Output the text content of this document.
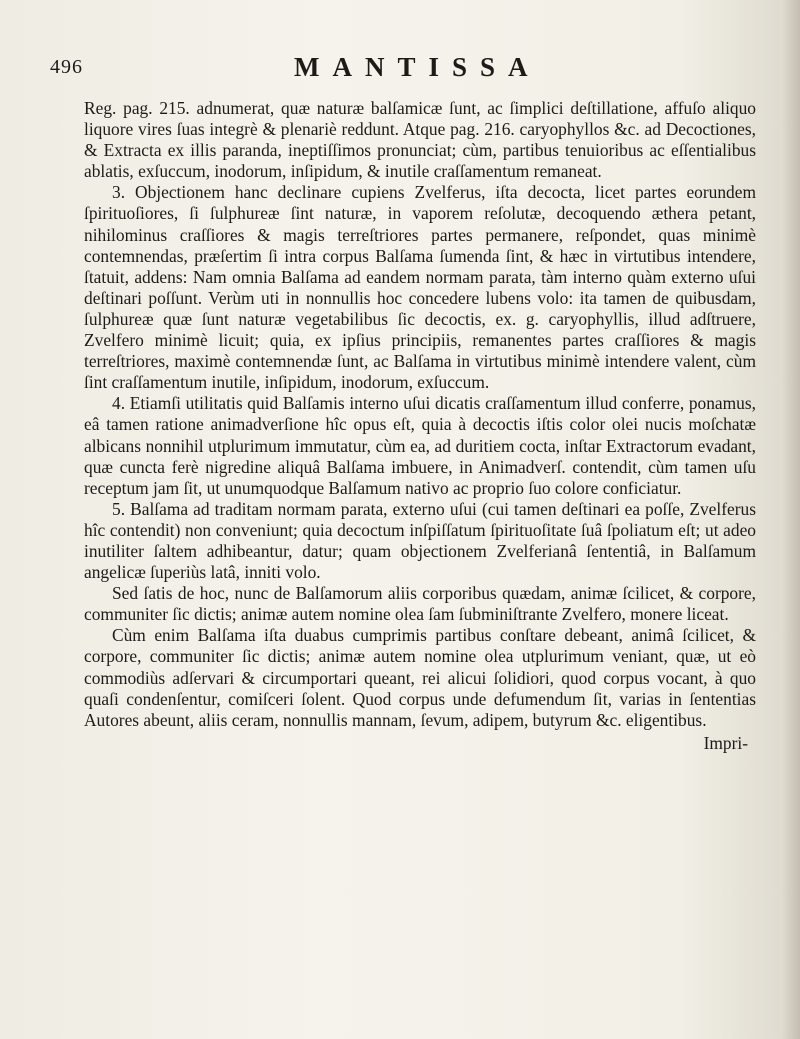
496	MANTISSA

Reg. pag. 215. adnumerat, quæ naturæ balſamicæ ſunt, ac ſimplici deſtillatione, affuſo aliquo liquore vires ſuas integrè & plenariè reddunt. Atque pag. 216. caryophyllos &c. ad Decoctiones, & Extracta ex illis paranda, ineptiſſimos pronunciat; cùm, partibus tenuioribus ac eſſentialibus ablatis, exſuccum, inodorum, inſipidum, & inutile craſſamentum remaneat.

3. Objectionem hanc declinare cupiens Zvelferus, iſta decocta, licet partes eorundem ſpirituoſiores, ſi ſulphureæ ſint naturæ, in vaporem reſolutæ, decoquendo æthera petant, nihilominus craſſiores & magis terreſtriores partes permanere, reſpondet, quas minimè contemnendas, præſertim ſi intra corpus Balſama ſumenda ſint, & hæc in virtutibus intendere, ſtatuit, addens: Nam omnia Balſama ad eandem normam parata, tàm interno quàm externo uſui deſtinari poſſunt. Verùm uti in nonnullis hoc concedere lubens volo: ita tamen de quibusdam, ſulphureæ quæ ſunt naturæ vegetabilibus ſic decoctis, ex. g. caryophyllis, illud adſtruere, Zvelfero minimè licuit; quia, ex ipſius principiis, remanentes partes craſſiores & magis terreſtriores, maximè contemnendæ ſunt, ac Balſama in virtutibus minimè intendere valent, cùm ſint craſſamentum inutile, inſipidum, inodorum, exſuccum.

4. Etiamſi utilitatis quid Balſamis interno uſui dicatis craſſamentum illud conferre, ponamus, eâ tamen ratione animadverſione hîc opus eſt, quia à decoctis iſtis color olei nucis moſchatæ albicans nonnihil utplurimum immutatur, cùm ea, ad duritiem cocta, inſtar Extractorum evadant, quæ cuncta ferè nigredine aliquâ Balſama imbuere, in Animadverſ. contendit, cùm tamen uſu receptum jam ſit, ut unumquodque Balſamum nativo ac proprio ſuo colore conficiatur.

5. Balſama ad traditam normam parata, externo uſui (cui tamen deſtinari ea poſſe, Zvelferus hîc contendit) non conveniunt; quia decoctum inſpiſſatum ſpirituoſitate ſuâ ſpoliatum eſt; ut adeo inutiliter ſaltem adhibeantur, datur; quam objectionem Zvelferianâ ſententiâ, in Balſamum angelicæ ſuperiùs latâ, inniti volo.

Sed ſatis de hoc, nunc de Balſamorum aliis corporibus quædam, animæ ſcilicet, & corpore, communiter ſic dictis; animæ autem nomine olea ſam ſubminiſtrante Zvelfero, monere liceat.

Cùm enim Balſama iſta duabus cumprimis partibus conſtare debeant, animâ ſcilicet, & corpore, communiter ſic dictis; animæ autem nomine olea utplurimum veniant, quæ, ut eò commodiùs adſervari & circumportari queant, rei alicui ſolidiori, quod corpus vocant, à quo quaſi condenſentur, comiſceri ſolent. Quod corpus unde defumendum ſit, varias in ſententias Autores abeunt, aliis ceram, nonnullis mannam, ſevum, adipem, butyrum &c. eligentibus.

Impri-
